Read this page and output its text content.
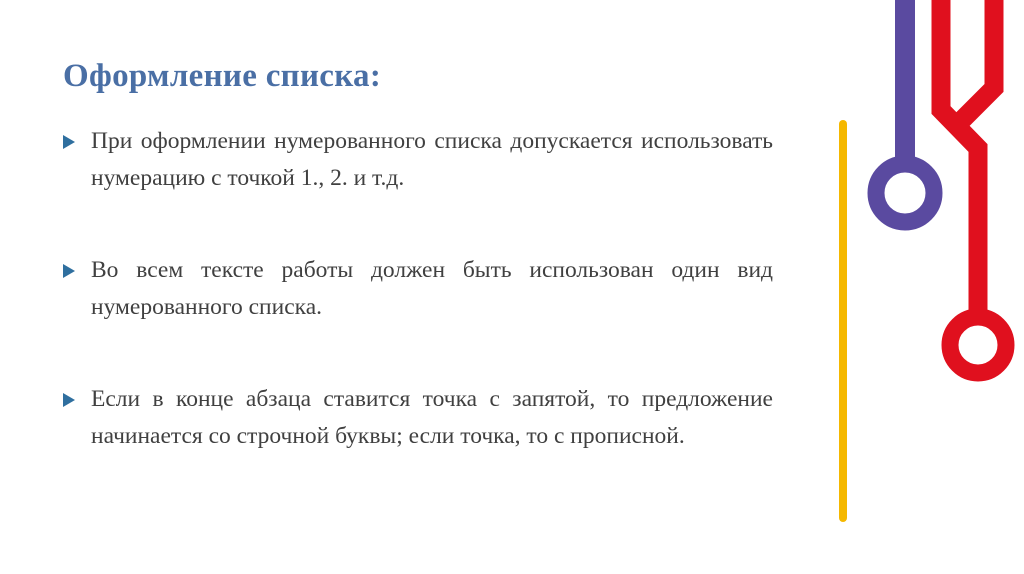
Оформление списка:
При оформлении нумерованного списка допускается использовать нумерацию с точкой 1., 2. и т.д.
Во всем тексте работы должен быть использован один вид нумерованного списка.
Если в конце абзаца ставится точка с запятой, то предложение начинается со строчной буквы; если точка, то с прописной.
